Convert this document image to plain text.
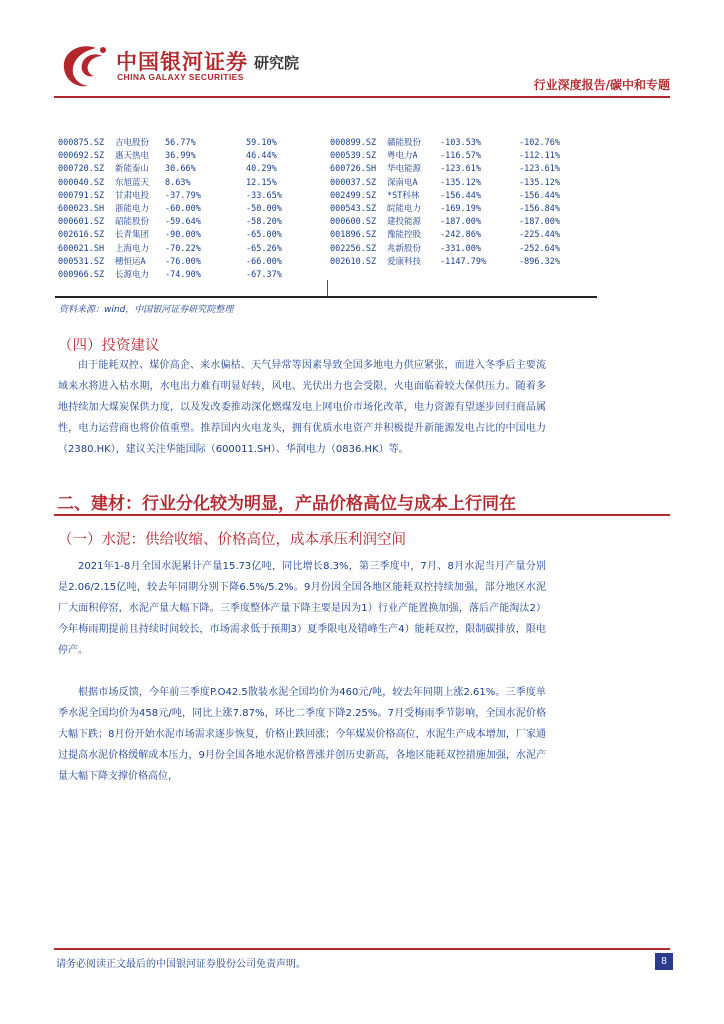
中国银河证券
CHINA GALAXY SECURITIES
研究院
行业深度报告/碳中和专题
000875.SZ 吉电股份 56.77%	59.10%	000899.SZ 赣能股份 -103.53%	-102.76%
000692.SZ 惠天热电 36.99%	46.44%	000539.SZ 粤电力A	-116.57%	-112.11%
000720.SZ 新能泰山 30.66%	40.29%	600726.SH 华电能源 -123.61%	-123.61%
000040.SZ 东旭蓝天 8.63%	12.15%	000037.SZ 深南电A	-135.12%	-135.12%
000791.SZ 甘肃电投 -37.79%	-33.65%	002499.SZ *ST科林 -156.44%	-156.44%
600023.SH 浙能电力 -60.00%	-50.00%	000543.SZ 皖能电力 -169.19%	-156.84%
000601.SZ 韶能股份 -59.64%	-58.20%	000600.SZ 建投能源 -187.00%	-187.00%
002616.SZ 长青集团 -90.00%	-65.00%	001896.SZ 豫能控股 -242.86%	-225.44%
600021.SH 上海电力 -70.22%	-65.26%	002256.SZ 兆新股份 -331.00%	-252.64%
000531.SZ 穗恒运A -76.00%	-66.00%	002610.SZ 爱康科技 -1147.79%	-896.32%
000966.SZ 长源电力 -74.90%	-67.37%
资料来源：wind，中国银河证券研究院整理
（四）投资建议
由于能耗双控、煤价高企、来水偏枯、天气异常等因素导致全国多地电力供应紧张，而进入冬季后主要流域来水将进入枯水期，水电出力难有明显好转，风电、光伏出力也会受限，火电面临着较大保供压力。随着多地持续加大煤炭保供力度，以及发改委推动深化燃煤发电上网电价市场化改革，电力资源有望逐步回归商品属性，电力运营商也将价值重塑。推荐国内火电龙头，拥有优质水电资产并积极提升新能源发电占比的中国电力（2380.HK），建议关注华能国际（600011.SH）、华润电力（0836.HK）等。
二、建材：行业分化较为明显，产品价格高位与成本上行同在
（一）水泥：供给收缩、价格高位，成本承压利润空间
2021年1-8月全国水泥累计产量15.73亿吨，同比增长8.3%，第三季度中，7月、8月水泥当月产量分别是2.06/2.15亿吨，较去年同期分别下降6.5%/5.2%。9月份因全国各地区能耗双控持续加强，部分地区水泥厂大面积停窑，水泥产量大幅下降。三季度整体产量下降主要是因为1）行业产能置换加强，落后产能淘汰2）今年梅雨期提前且持续时间较长，市场需求低于预期3）夏季限电及错峰生产4）能耗双控，限制碳排放，限电停产。
根据市场反馈，今年前三季度P.O42.5散装水泥全国均价为460元/吨，较去年同期上涨2.61%。三季度单季水泥全国均价为458元/吨，同比上涨7.87%，环比二季度下降2.25%。7月受梅雨季节影响，全国水泥价格大幅下跌；8月份开始水泥市场需求逐步恢复，价格止跌回涨；今年煤炭价格高位，水泥生产成本增加，厂家通过提高水泥价格缓解成本压力，9月份全国各地水泥价格普涨并创历史新高，各地区能耗双控措施加强，水泥产量大幅下降支撑价格高位，
请务必阅读正文最后的中国银河证券股份公司免责声明。	8
